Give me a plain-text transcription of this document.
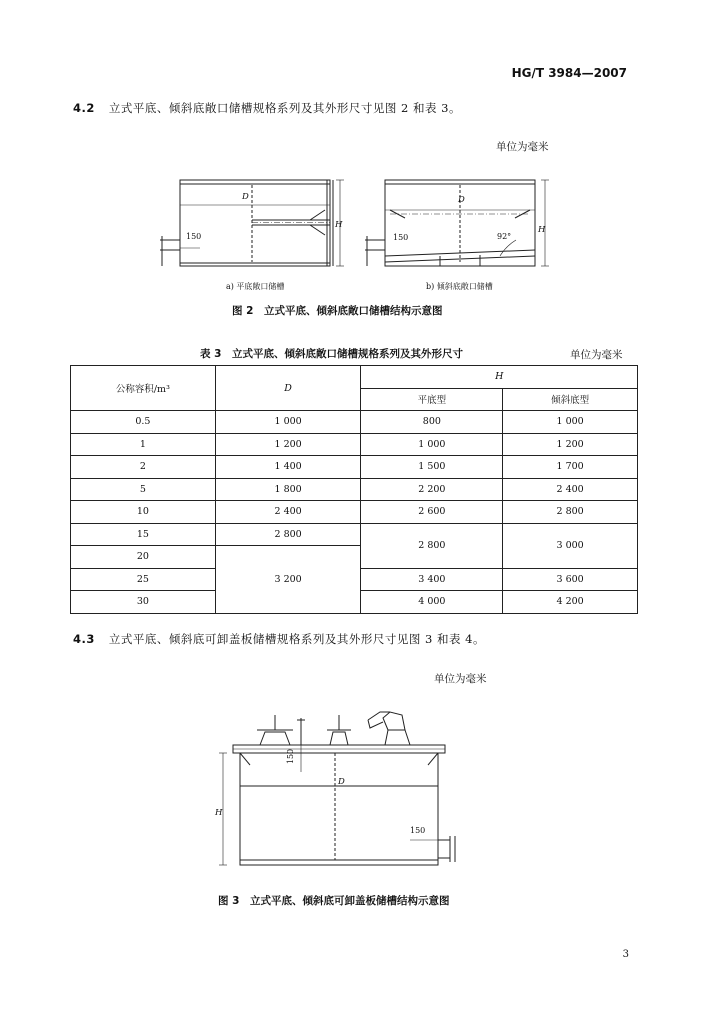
HG/T 3984—2007
4.2 立式平底、倾斜底敞口储槽规格系列及其外形尺寸见图 2 和表 3。
单位为毫米
D
H
150
D
H
150	92°
a) 平底敞口储槽	b) 倾斜底敞口储槽
图 2　立式平底、倾斜底敞口储槽结构示意图
表 3　立式平底、倾斜底敞口储槽规格系列及其外形尺寸	单位为毫米
公称容积/m³	D	H	
		平底型	倾斜底型
0.5	1 000	800	1 000
1	1 200	1 000	1 200
2	1 400	1 500	1 700
5	1 800	2 200	2 400
10	2 400	2 600	2 800
15	2 800	2 800	3 000
20	3 200		
25		3 400	3 600
30		4 000	4 200
4.3 立式平底、倾斜底可卸盖板储槽规格系列及其外形尺寸见图 3 和表 4。
单位为毫米
H
D
150
150
图 3　立式平底、倾斜底可卸盖板储槽结构示意图
3
